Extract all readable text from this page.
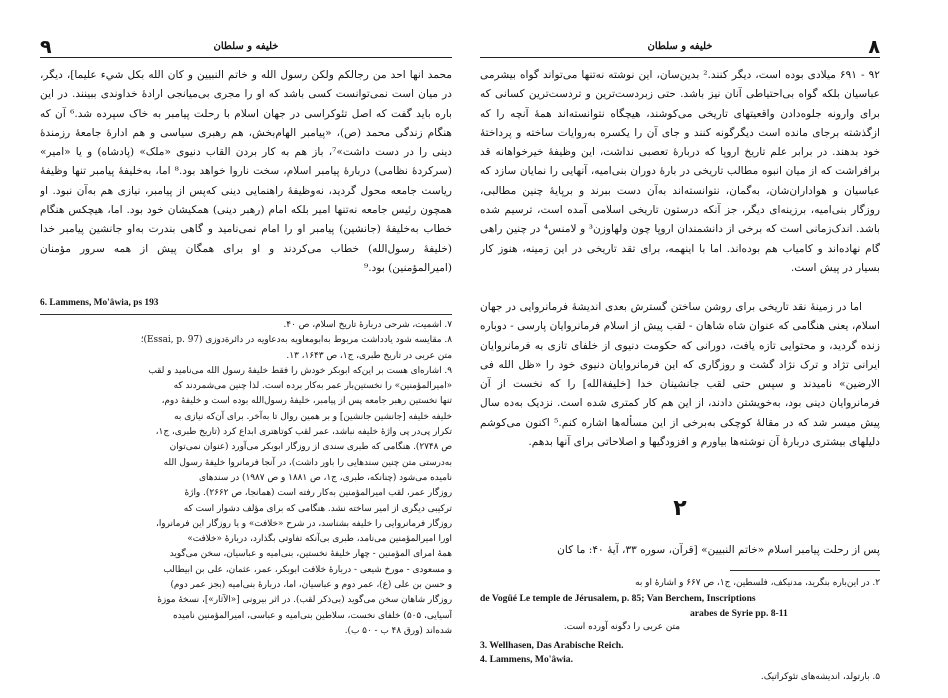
۹	خلیفه و سلطان
محمد انها احد من رجالكم ولكن رسول الله و خاتم النبيين و كان الله بكل شيء علیما]، دیگر، در میان است نمی‌توانست کسی باشد که او را مجری بی‌میانجی ارادهٔ خداوندی ببینند. در این باره باید گفت که اصل تئوکراسی در جهان اسلام با رحلت پیامبر به خاک سپرده شد.⁶ آن که هنگام زندگی محمد (ص)، «پیامبر الهام‌بخش، هم رهبری سیاسی و هم ادارهٔ جامعهٔ رزمندهٔ دینی را در دست داشت»⁷، باز هم به کار بردن القاب دنیوی «ملک» (پادشاه) و یا «امیر» (سرکردهٔ نظامی) دربارهٔ پیامبر اسلام، سخت ناروا خواهد بود.⁸ اما، به‌خلیفهٔ پیامبر تنها وظیفهٔ ریاست جامعه محول گردید، نه‌وظیفهٔ راهنمایی دینی که‌پس از پیامبر، نیازی هم به‌آن نبود. او همچون رئیس جامعه نه‌تنها امیر بلکه امام (رهبر دینی) همکیشان خود بود. اما، هیچکس هنگام خطاب به‌خلیفهٔ (جانشین) پیامبر او را امام نمی‌نامید و گاهی بندرت به‌او جانشین پیامبر خدا (خلیفهٔ رسول‌الله) خطاب می‌کردند و او برای همگان پیش از همه سرور مؤمنان (امیرالمؤمنین) بود.⁹
6. Lammens, Mo'âwia, ps 193
۷. اشمیت، شرحی دربارهٔ تاریخ اسلام، ص ۴۰.
۸. مقایسه شود یادداشت مربوط به‌ابومعاویه به‌دعاویه در دائرةدوزی (Essai, p. 97)؛
متن عربی در تاریخ طبری، ج۱، ص ۱۶۴۳، ۱۳.
۹. اشاره‌ای هست بر این‌که ابوبکر خودش را فقط خلیفهٔ رسول الله می‌نامید و لقب
«امیرالمؤمنین» را نخستین‌بار عمر به‌کار برده است. لذا چنین می‌شمردند که
تنها نخستین رهبر جامعه پس از پیامبر، خلیفهٔ رسول‌الله بوده است و خلیفهٔ دوم،
خلیفه خلیفه [جانشین جانشین] و بر همین روال تا به‌آخر. برای آن‌که نیازی به
تکرار پی‌در پی واژهٔ خلیفه نباشد، عمر لقب کوتاهتری ابداع کرد (تاریخ طبری، ج۱،
ص ۲۷۴۸). هنگامی که طبری سندی از روزگار ابوبکر می‌آورد (عنوان نمی‌توان
به‌درستی متن چنین سندهایی را باور داشت)، در آنجا فرمانروا خلیفهٔ رسول الله
نامیده می‌شود (چنانکه، طبری، ج۱، ص ۱۸۸۱ و ص ۱۹۸۷) در سندهای
روزگار عمر، لقب امیرالمؤمنین به‌کار رفته است (همانجا، ص ۲۶۶۲). واژهٔ
ترکیبی دیگری از امیر ساخته نشد. هنگامی که برای مؤلف دشوار است که
روزگار فرمانروایی را خلیفه بشناسد، در شرح «خلافت» و یا روزگار این فرمانروا،
اورا امیرالمؤمنین می‌نامد، طبری بی‌آنکه تفاوتی بگذارد، دربارهٔ «خلافت»
همهٔ امرای المؤمنین - چهار خلیفهٔ نخستین، بنی‌امیه و عباسیان، سخن می‌گوید
و مسعودی - مورخ شیعی - دربارهٔ خلافت ابوبکر، عمر، عثمان، علی بن ابیطالب
و حسن بن علی (ع)، عمر دوم و عباسیان، اما، دربارهٔ بنی‌امیه (بجز عمر دوم)
روزگار شاهان سخن می‌گوید (بی‌ذکر لقب). در اثر بیرونی [«الآثار»]، نسخهٔ موزهٔ
آسیایی، ۵۰۵) خلفای نخست، سلاطین بنی‌امیه و عباسی، امیرالمؤمنین نامیده
شده‌اند (ورق ۴۸ ب - ۵۰ ب).
۸
خلیفه و سلطان
۹۲ - ۶۹۱ میلادی بوده است، دیگر کنند.² بدین‌سان، این نوشته نه‌تنها می‌تواند گواه بیشرمی عباسیان بلکه گواه بی‌احتیاطی آنان نیز باشد. حتی زبردست‌ترین و تردست‌ترین کسانی که برای وارونه جلوه‌دادن واقعیتهای تاریخی می‌کوشند، هیچگاه نتوانسته‌اند همهٔ آنچه را که ازگذشته برجای مانده است دیگرگونه کنند و جای آن را یکسره به‌روایات ساخته و پرداختهٔ خود بدهند. در برابر علم تاریخ اروپا که دربارهٔ تعصبی نداشت، این وظیفهٔ خیرخواهانه قد برافراشت که از میان انبوه مطالب تاریخی در بارهٔ دوران بنی‌امیه، آنهایی را نمایان سازد که عباسیان و هواداران‌شان، به‌گمان، نتوانسته‌اند به‌آن دست ببرند و برپایهٔ چنین مطالبی، روزگار بنی‌امیه، برزینه‌ای دیگر، جز آنکه درستون تاریخی اسلامی آمده است، ترسیم شده باشد. اندک‌زمانی است که برخی از دانشمندان اروپا چون ولهاوزن³ و لامنس⁴ در چنین راهی گام نهاده‌اند و کامیاب هم بوده‌اند. اما با اینهمه، برای تقد تاریخی در این زمینه، هنوز کار بسیار در پیش است.
اما در زمینهٔ نقد تاریخی برای روشن ساختن گسترش بعدی اندیشهٔ فرمانروایی در جهان اسلام، یعنی هنگامی که عنوان شاه شاهان - لقب پیش از اسلام فرمانروایان پارسی - دوباره زنده گردید، و محتوایی تازه یافت، دورانی که حکومت دنیوی از خلفای تازی به فرمانروایان ایرانی تژاد و ترک نژاد گشت و روزگاری که این فرمانروایان دنیوی خود را «ظل الله فی الارضین» نامیدند و سپس حتی لقب جانشینان خدا [خلیفةالله] را که نخست از آن فرمانروایان دینی بود، به‌خویشتن دادند، از این هم کار کمتری شده است. نزدیک به‌ده سال پیش میسر شد که در مقالهٔ کوچکی به‌برخی از این مسأله‌ها اشاره کنم.⁵ اکنون می‌کوشم دلیلهای بیشتری دربارهٔ آن نوشته‌ها بیاورم و افزودگیها و اصلاحاتی برای آنها بدهم.
۲
پس از رحلت پیامبر اسلام «خاتم النبیین» [قرآن، سوره ۳۳، آیهٔ ۴۰: ما کان
۲. در این‌باره بنگرید، مدنیکف، فلسطین، ج۱، ص ۶۶۷ و اشارهٔ او به
de Vogüé Le temple de Jérusalem, p. 85; Van Berchem, Inscriptions
arabes de Syrie pp. 8-11
متن عربی را دگونه آورده است.
3. Wellhasen, Das Arabische Reich.
4. Lammens, Mo'âwia.
۵. بارتولد، اندیشه‌های تئوکراتیک.
